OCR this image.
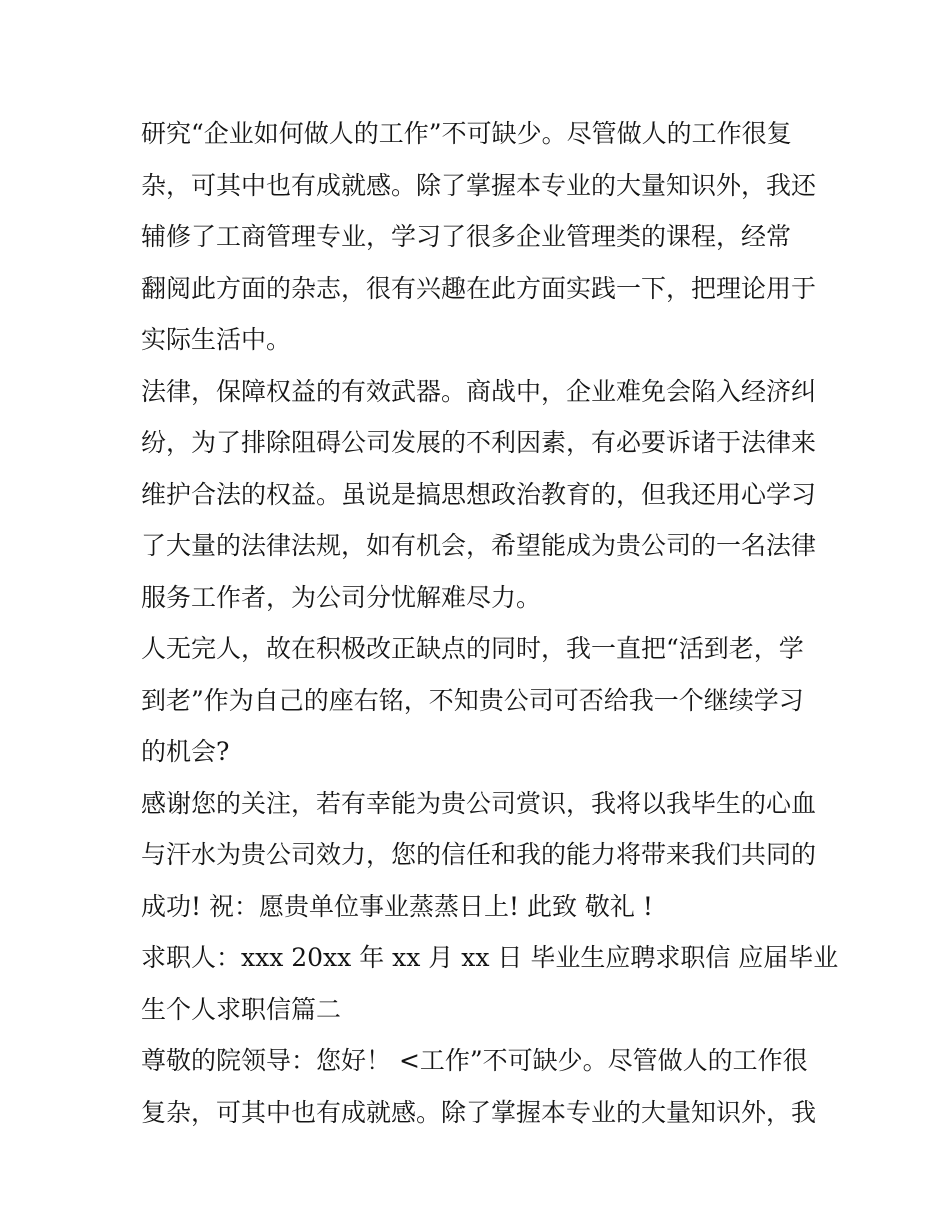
研究“企业如何做人的工作”不可缺少。尽管做人的工作很复
杂，可其中也有成就感。除了掌握本专业的大量知识外，我还
辅修了工商管理专业，学习了很多企业管理类的课程，经常
翻阅此方面的杂志，很有兴趣在此方面实践一下，把理论用于
实际生活中。
法律，保障权益的有效武器。商战中，企业难免会陷入经济纠
纷，为了排除阻碍公司发展的不利因素，有必要诉诸于法律来
维护合法的权益。虽说是搞思想政治教育的，但我还用心学习
了大量的法律法规，如有机会，希望能成为贵公司的一名法律
服务工作者，为公司分忧解难尽力。
人无完人，故在积极改正缺点的同时，我一直把“活到老，学
到老”作为自己的座右铭，不知贵公司可否给我一个继续学习
的机会?
感谢您的关注，若有幸能为贵公司赏识，我将以我毕生的心血
与汗水为贵公司效力，您的信任和我的能力将带来我们共同的
成功! 祝：愿贵单位事业蒸蒸日上! 此致 敬礼 !
求职人：xxx 20xx 年 xx 月 xx 日 毕业生应聘求职信 应届毕业
生个人求职信篇二
尊敬的院领导：您好！ <工作”不可缺少。尽管做人的工作很
复杂，可其中也有成就感。除了掌握本专业的大量知识外，我
